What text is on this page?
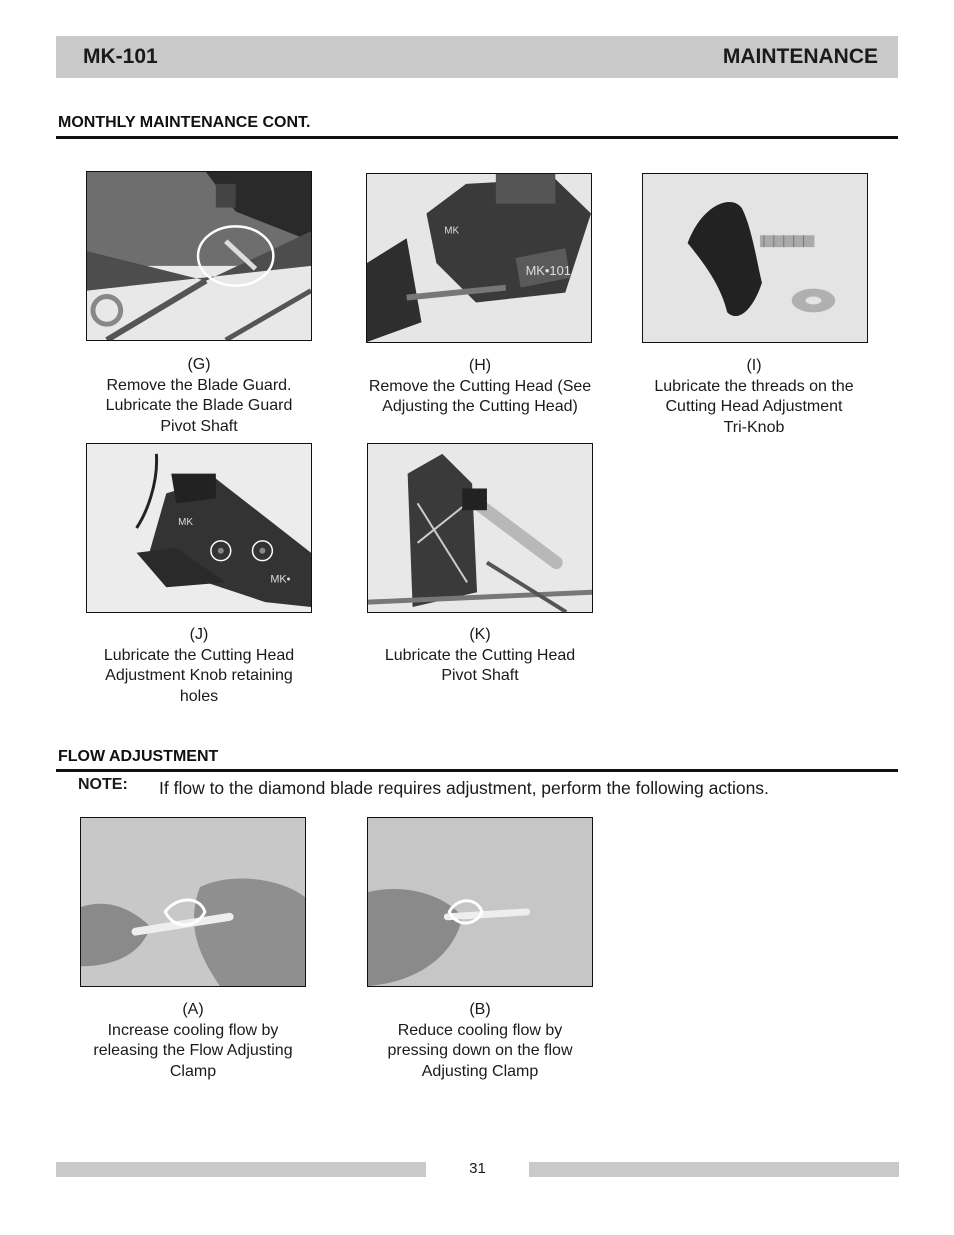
MK-101	MAINTENANCE
MONTHLY MAINTENANCE CONT.
MK•101
MK
(G)
Remove the Blade Guard.
Lubricate the Blade Guard
Pivot Shaft
(H)
Remove the Cutting Head (See
Adjusting the Cutting Head)
(I)
Lubricate the threads on the
Cutting Head Adjustment
Tri-Knob
MK
MK•
(J)
Lubricate the Cutting Head
Adjustment Knob retaining
holes
(K)
Lubricate the Cutting Head
Pivot Shaft
FLOW ADJUSTMENT
NOTE: If flow to the diamond blade requires adjustment, perform the following actions.
(A)
Increase cooling flow by
releasing the Flow Adjusting
Clamp
(B)
Reduce cooling flow by
pressing down on the flow
Adjusting Clamp
31
